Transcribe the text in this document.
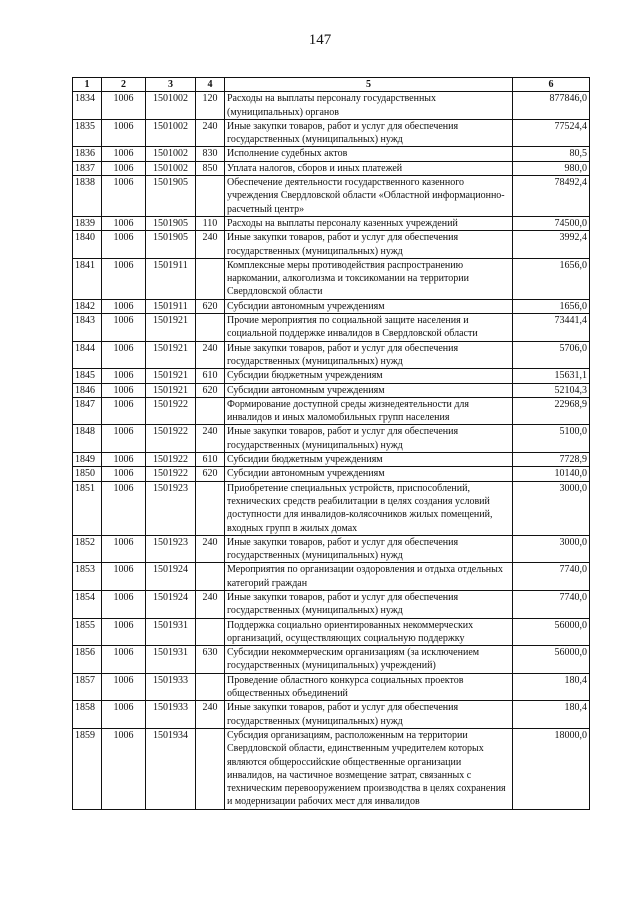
147
1	2	3	4	5	6
1834	1006	1501002	120	Расходы на выплаты персоналу государственных (муниципальных) органов	877846,0
1835	1006	1501002	240	Иные закупки товаров, работ и услуг для обеспечения государственных (муниципальных) нужд	77524,4
1836	1006	1501002	830	Исполнение судебных актов	80,5
1837	1006	1501002	850	Уплата налогов, сборов и иных платежей	980,0
1838	1006	1501905		Обеспечение деятельности государственного казенного учреждения Свердловской области «Областной информационно-расчетный центр»	78492,4
1839	1006	1501905	110	Расходы на выплаты персоналу казенных учреждений	74500,0
1840	1006	1501905	240	Иные закупки товаров, работ и услуг для обеспечения государственных (муниципальных) нужд	3992,4
1841	1006	1501911		Комплексные меры противодействия распространению наркомании, алкоголизма и токсикомании на территории Свердловской области	1656,0
1842	1006	1501911	620	Субсидии автономным учреждениям	1656,0
1843	1006	1501921		Прочие мероприятия по социальной защите населения и социальной поддержке инвалидов в Свердловской области	73441,4
1844	1006	1501921	240	Иные закупки товаров, работ и услуг для обеспечения государственных (муниципальных) нужд	5706,0
1845	1006	1501921	610	Субсидии бюджетным учреждениям	15631,1
1846	1006	1501921	620	Субсидии автономным учреждениям	52104,3
1847	1006	1501922		Формирование доступной среды жизнедеятельности для инвалидов и иных маломобильных групп населения	22968,9
1848	1006	1501922	240	Иные закупки товаров, работ и услуг для обеспечения государственных (муниципальных) нужд	5100,0
1849	1006	1501922	610	Субсидии бюджетным учреждениям	7728,9
1850	1006	1501922	620	Субсидии автономным учреждениям	10140,0
1851	1006	1501923		Приобретение специальных устройств, приспособлений, технических средств реабилитации в целях создания условий доступности для инвалидов-колясочников жилых помещений, входных групп в жилых домах	3000,0
1852	1006	1501923	240	Иные закупки товаров, работ и услуг для обеспечения государственных (муниципальных) нужд	3000,0
1853	1006	1501924		Мероприятия по организации оздоровления и отдыха отдельных категорий граждан	7740,0
1854	1006	1501924	240	Иные закупки товаров, работ и услуг для обеспечения государственных (муниципальных) нужд	7740,0
1855	1006	1501931		Поддержка социально ориентированных некоммерческих организаций, осуществляющих социальную поддержку	56000,0
1856	1006	1501931	630	Субсидии некоммерческим организациям (за исключением государственных (муниципальных) учреждений)	56000,0
1857	1006	1501933		Проведение областного конкурса социальных проектов общественных объединений	180,4
1858	1006	1501933	240	Иные закупки товаров, работ и услуг для обеспечения государственных (муниципальных) нужд	180,4
1859	1006	1501934		Субсидия организациям, расположенным на территории Свердловской области, единственным учредителем которых являются общероссийские общественные организации инвалидов, на частичное возмещение затрат, связанных с техническим перевооружением производства в целях сохранения и модернизации рабочих мест для инвалидов	18000,0
